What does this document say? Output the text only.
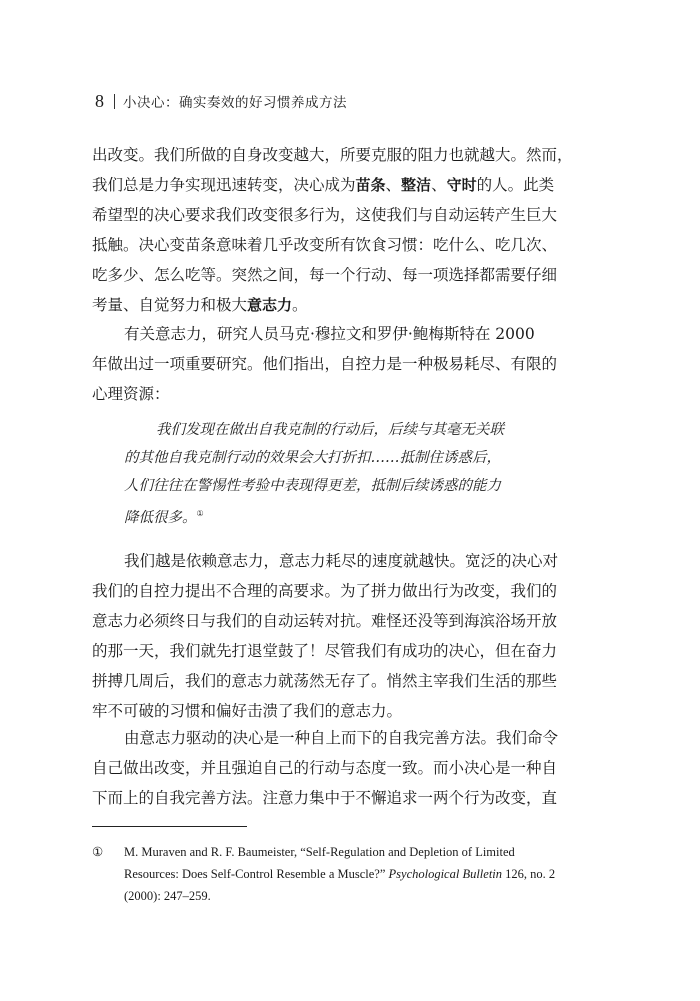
8 小决心：确实奏效的好习惯养成方法
出改变。我们所做的自身改变越大，所要克服的阻力也就越大。然而，
我们总是力争实现迅速转变，决心成为苗条、整洁、守时的人。此类
希望型的决心要求我们改变很多行为，这使我们与自动运转产生巨大
抵触。决心变苗条意味着几乎改变所有饮食习惯：吃什么、吃几次、
吃多少、怎么吃等。突然之间，每一个行动、每一项选择都需要仔细
考量、自觉努力和极大意志力。
有关意志力，研究人员马克·穆拉文和罗伊·鲍梅斯特在 2000
年做出过一项重要研究。他们指出，自控力是一种极易耗尽、有限的
心理资源：
我们发现在做出自我克制的行动后，后续与其毫无关联
的其他自我克制行动的效果会大打折扣……抵制住诱惑后，
人们往往在警惕性考验中表现得更差，抵制后续诱惑的能力
降低很多。①
我们越是依赖意志力，意志力耗尽的速度就越快。宽泛的决心对
我们的自控力提出不合理的高要求。为了拼力做出行为改变，我们的
意志力必须终日与我们的自动运转对抗。难怪还没等到海滨浴场开放
的那一天，我们就先打退堂鼓了！尽管我们有成功的决心，但在奋力
拼搏几周后，我们的意志力就荡然无存了。悄然主宰我们生活的那些
牢不可破的习惯和偏好击溃了我们的意志力。
由意志力驱动的决心是一种自上而下的自我完善方法。我们命令
自己做出改变，并且强迫自己的行动与态度一致。而小决心是一种自
下而上的自我完善方法。注意力集中于不懈追求一两个行为改变，直
① M. Muraven and R. F. Baumeister, “Self-Regulation and Depletion of Limited
Resources: Does Self-Control Resemble a Muscle?” Psychological Bulletin 126, no. 2
(2000): 247–259.
